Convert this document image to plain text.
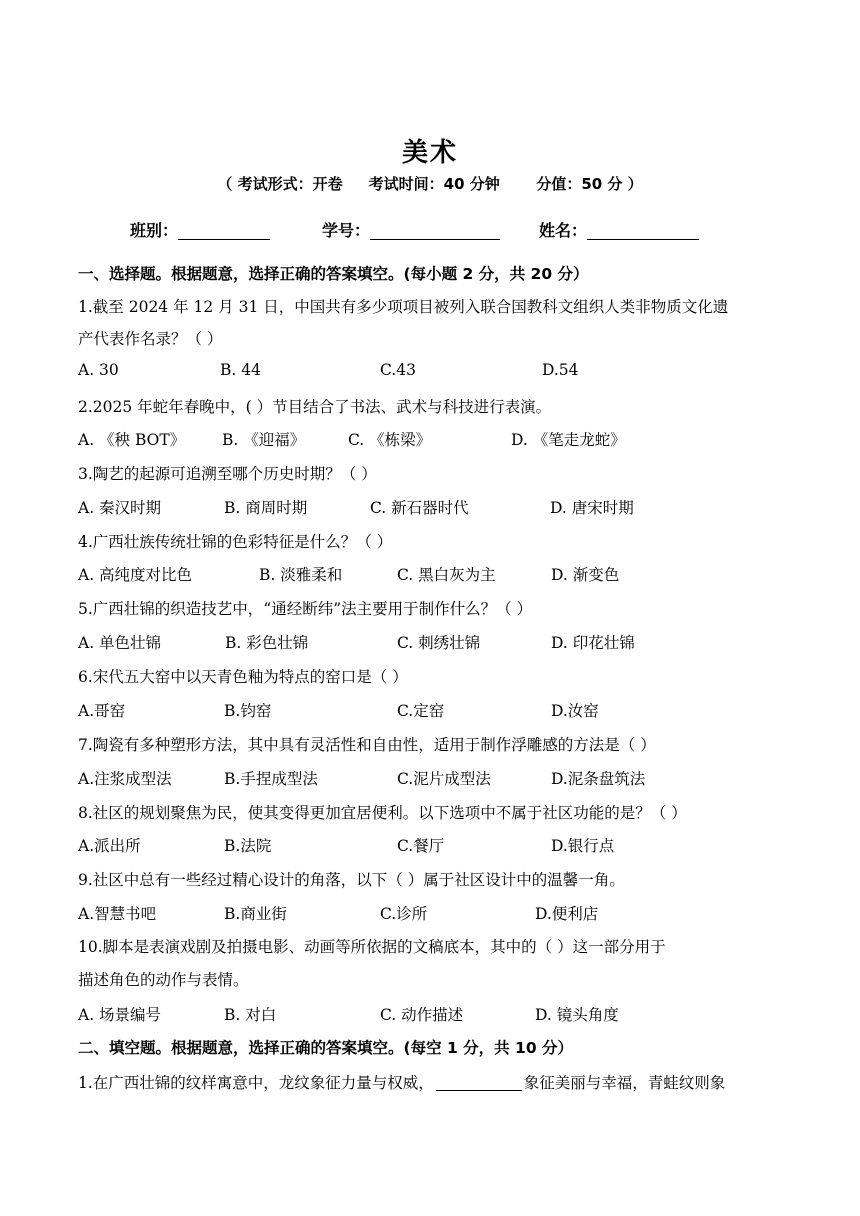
美术
（ 考试形式：开卷     考试时间：40 分钟       分值：50 分 ）
班别：	学号：	姓名：
一、选择题。根据题意，选择正确的答案填空。(每小题 2 分，共 20 分）
1.截至 2024 年 12 月 31 日，中国共有多少项项目被列入联合国教科文组织人类非物质文化遗
产代表作名录？（ ）
A. 30	B. 44	C.43	D.54
2.2025 年蛇年春晚中，( ）节目结合了书法、武术与科技进行表演。
A. 《秧 BOT》 B. 《迎福》	C. 《栋梁》	D. 《笔走龙蛇》
3.陶艺的起源可追溯至哪个历史时期？（ ）
A. 秦汉时期	B. 商周时期	C. 新石器时代	D. 唐宋时期
4.广西壮族传统壮锦的色彩特征是什么？（ ）
A. 高纯度对比色	B. 淡雅柔和	C. 黑白灰为主	D. 渐变色
5.广西壮锦的织造技艺中，“通经断纬”法主要用于制作什么？（ ）
A. 单色壮锦	B. 彩色壮锦	C. 刺绣壮锦	D. 印花壮锦
6.宋代五大窑中以天青色釉为特点的窑口是（ ）
A.哥窑	B.钧窑	C.定窑	D.汝窑
7.陶瓷有多种塑形方法，其中具有灵活性和自由性，适用于制作浮雕感的方法是（ ）
A.注浆成型法	B.手捏成型法	C.泥片成型法	D.泥条盘筑法
8.社区的规划聚焦为民，使其变得更加宜居便利。以下选项中不属于社区功能的是？（ ）
A.派出所	B.法院	C.餐厅	D.银行点
9.社区中总有一些经过精心设计的角落，以下（ ）属于社区设计中的温馨一角。
A.智慧书吧	B.商业街	C.诊所	D.便利店
10.脚本是表演戏剧及拍摄电影、动画等所依据的文稿底本，其中的（ ）这一部分用于
描述角色的动作与表情。
A. 场景编号	B. 对白	C. 动作描述	D. 镜头角度
二、填空题。根据题意，选择正确的答案填空。(每空 1 分，共 10 分）
1.在广西壮锦的纹样寓意中，龙纹象征力量与权威，	象征美丽与幸福，青蛙纹则象
